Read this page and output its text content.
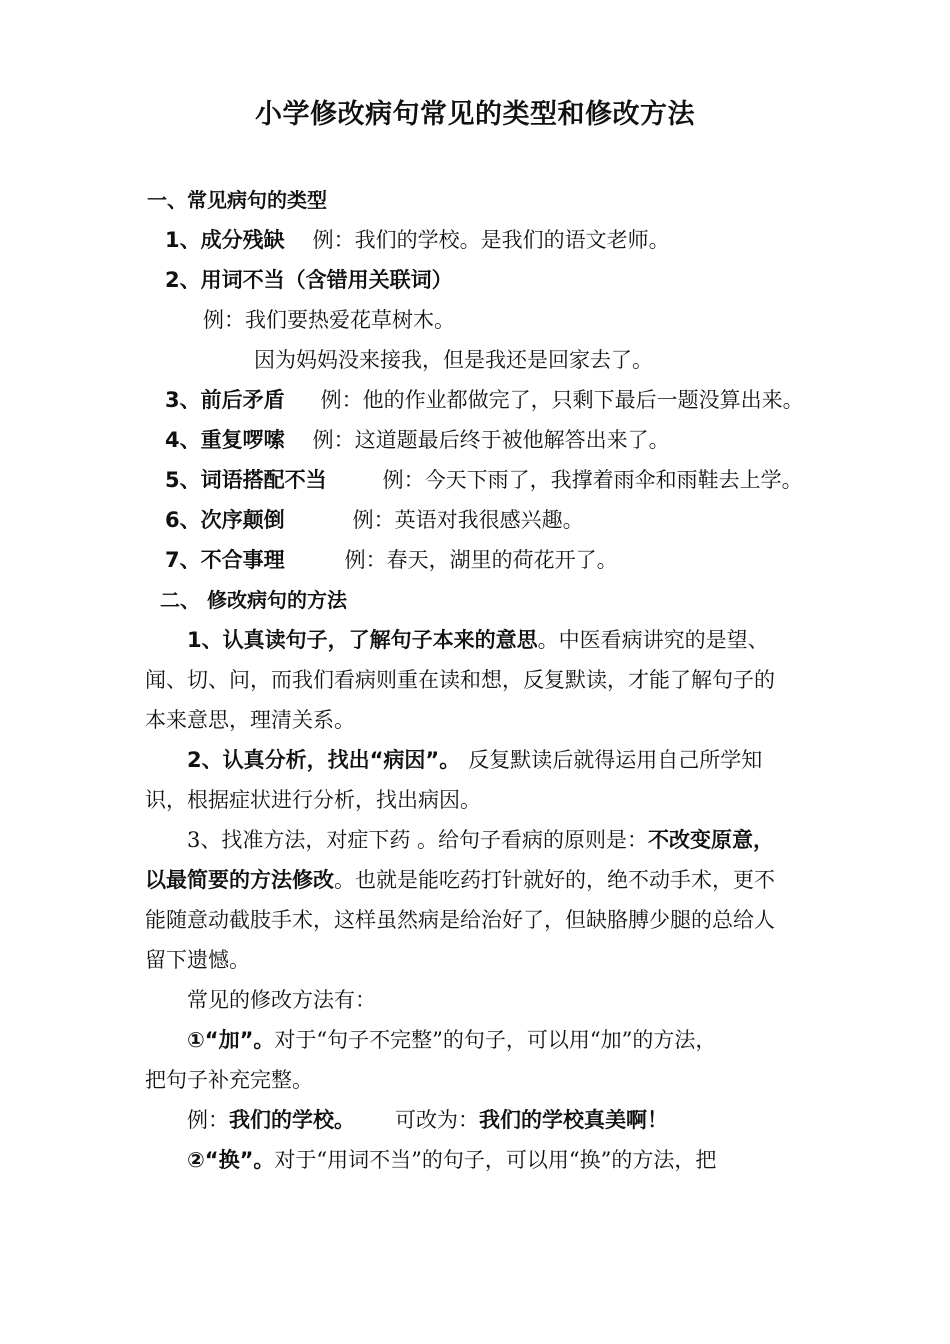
小学修改病句常见的类型和修改方法
一、常见病句的类型
1、成分残缺 例：我们的学校。是我们的语文老师。
2、用词不当（含错用关联词）
例：我们要热爱花草树木。
因为妈妈没来接我，但是我还是回家去了。
3、前后矛盾 例：他的作业都做完了，只剩下最后一题没算出来。
4、重复啰嗦 例：这道题最后终于被他解答出来了。
5、词语搭配不当	例：今天下雨了，我撑着雨伞和雨鞋去上学。
6、次序颠倒	例：英语对我很感兴趣。
7、不合事理	例：春天，湖里的荷花开了。
二、 修改病句的方法
1、认真读句子，了解句子本来的意思。中医看病讲究的是望、
闻、切、问，而我们看病则重在读和想，反复默读，才能了解句子的
本来意思，理清关系。
2、认真分析，找出“病因”。 反复默读后就得运用自己所学知
识，根据症状进行分析，找出病因。
3、找准方法，对症下药 。给句子看病的原则是：不改变原意，
以最简要的方法修改。也就是能吃药打针就好的，绝不动手术，更不
能随意动截肢手术，这样虽然病是给治好了，但缺胳膊少腿的总给人
留下遗憾。
常见的修改方法有：
①“加”。对于“句子不完整”的句子，可以用“加”的方法，
把句子补充完整。
例：我们的学校。 可改为：我们的学校真美啊！
②“换”。对于“用词不当”的句子，可以用“换”的方法，把
